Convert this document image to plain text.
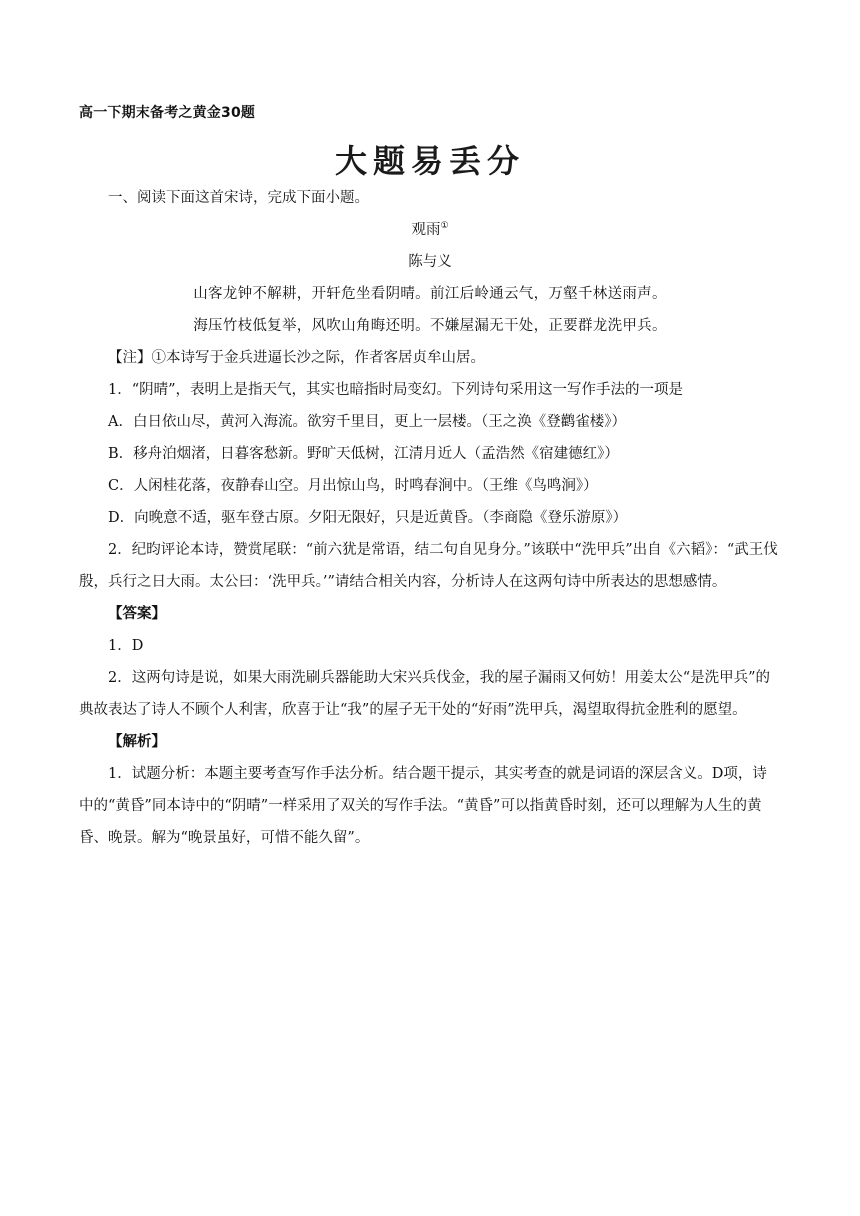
高一下期末备考之黄金30题
大题易丢分

一、阅读下面这首宋诗，完成下面小题。

观雨①

陈与义

山客龙钟不解耕，开轩危坐看阴晴。前江后岭通云气，万壑千林送雨声。

海压竹枝低复举，风吹山角晦还明。不嫌屋漏无干处，正要群龙洗甲兵。

【注】①本诗写于金兵进逼长沙之际，作者客居贞牟山居。

1．“阴晴”，表明上是指天气，其实也暗指时局变幻。下列诗句采用这一写作手法的一项是

A．白日依山尽，黄河入海流。欲穷千里目，更上一层楼。（王之涣《登鹳雀楼》）

B．移舟泊烟渚，日暮客愁新。野旷天低树，江清月近人（孟浩然《宿建德红》）

C．人闲桂花落，夜静春山空。月出惊山鸟，时鸣春涧中。（王维《鸟鸣涧》）

D．向晚意不适，驱车登古原。夕阳无限好，只是近黄昏。（李商隐《登乐游原》）

2．纪昀评论本诗，赞赏尾联：“前六犹是常语，结二句自见身分。”该联中“洗甲兵”出自《六韬》：“武王伐殷，兵行之日大雨。太公曰：‘洗甲兵。’”请结合相关内容，分析诗人在这两句诗中所表达的思想感情。

【答案】

1．D

2．这两句诗是说，如果大雨洗刷兵器能助大宋兴兵伐金，我的屋子漏雨又何妨！用姜太公“是洗甲兵”的典故表达了诗人不顾个人利害，欣喜于让“我”的屋子无干处的“好雨”洗甲兵，渴望取得抗金胜利的愿望。

【解析】

1．试题分析：本题主要考查写作手法分析。结合题干提示，其实考查的就是词语的深层含义。D项，诗中的“黄昏”同本诗中的“阴晴”一样采用了双关的写作手法。“黄昏”可以指黄昏时刻，还可以理解为人生的黄昏、晚景。解为“晚景虽好，可惜不能久留”。
